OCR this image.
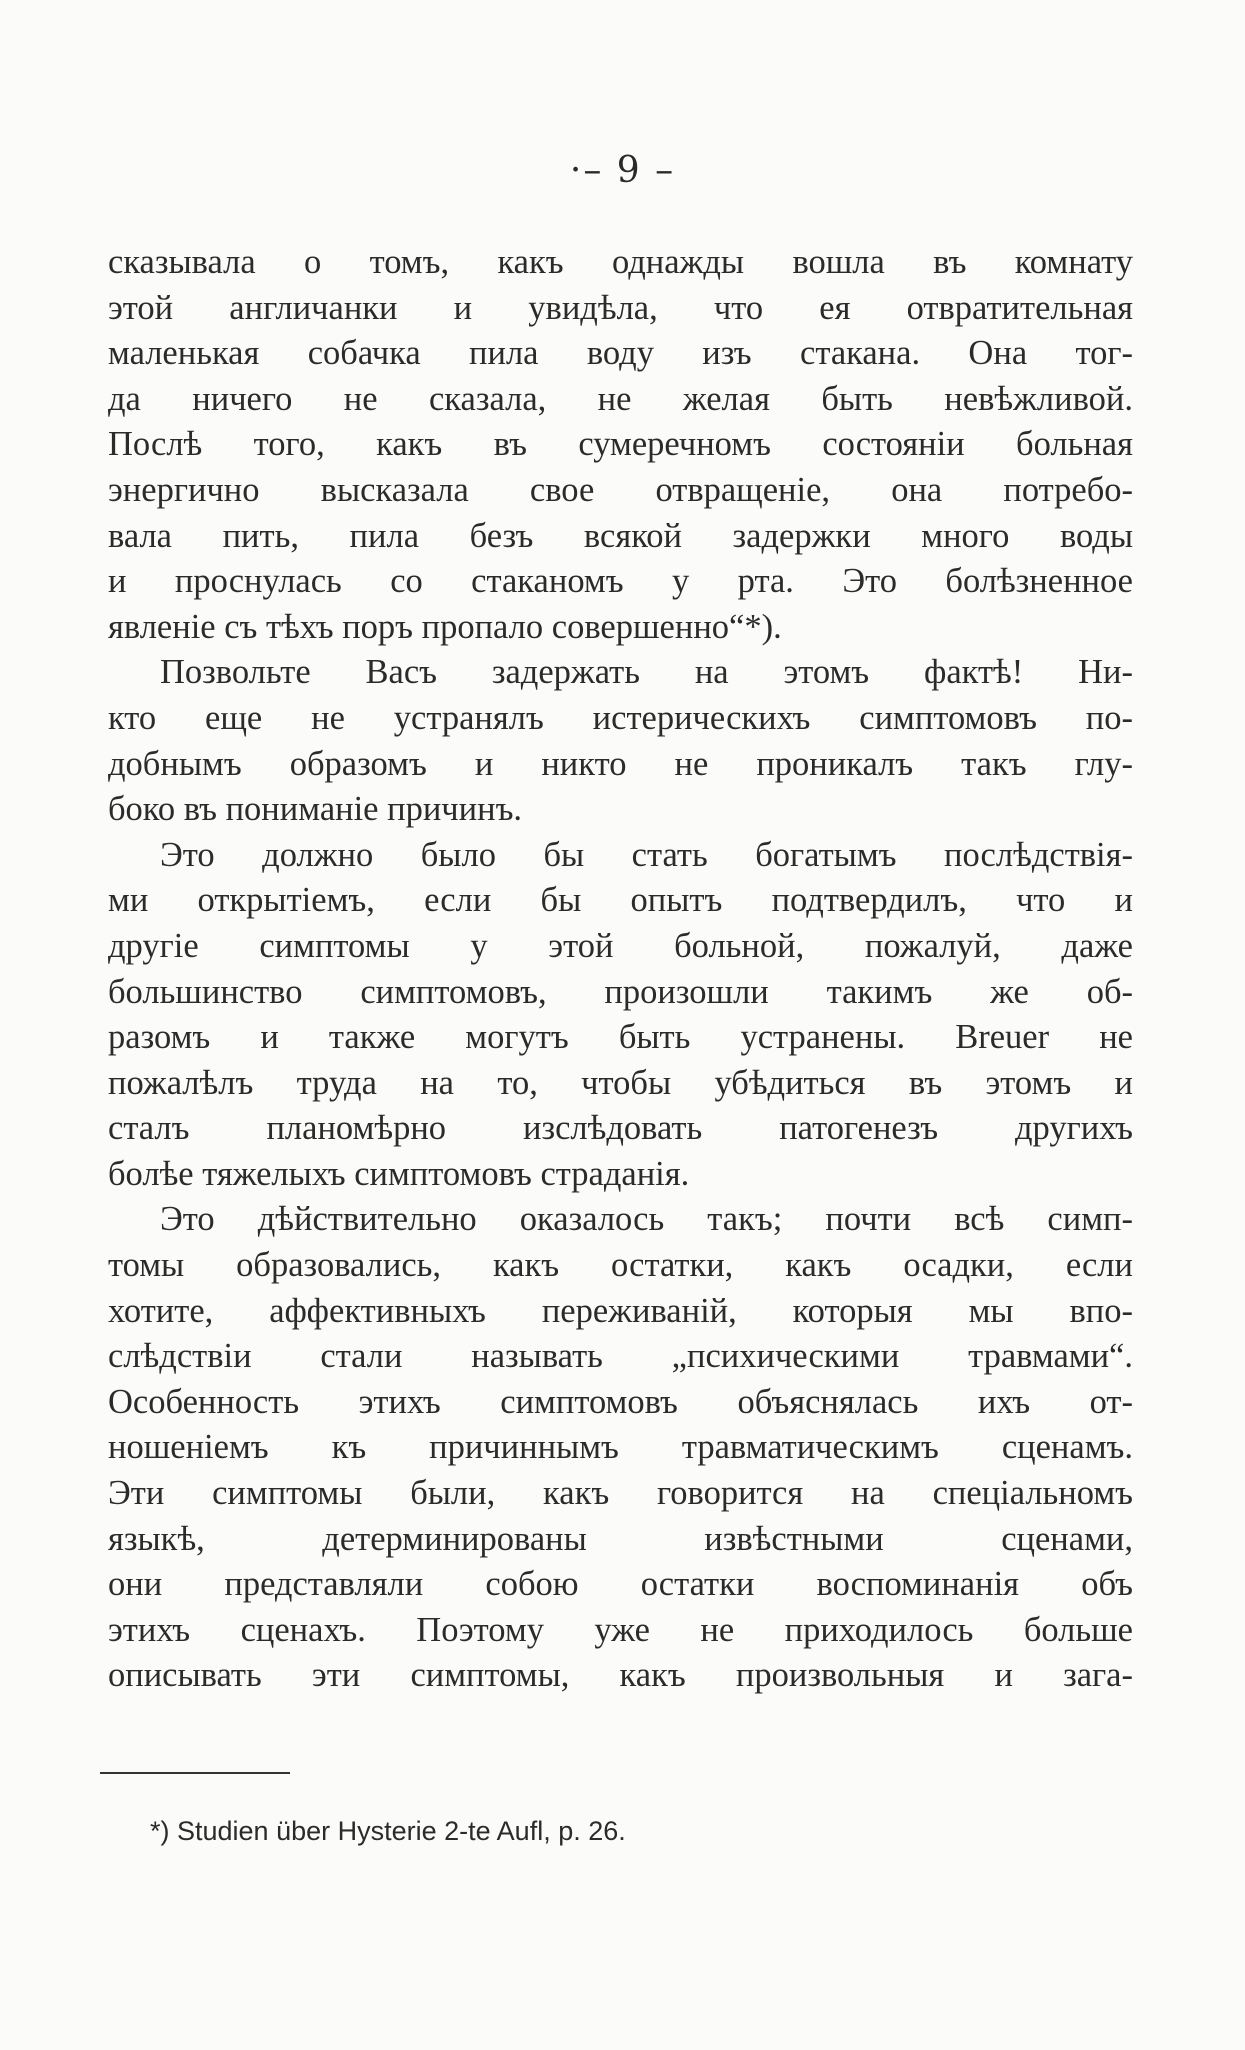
·– 9 –
сказывала о томъ, какъ однажды вошла въ комнату
этой англичанки и увидѣла, что ея отвратительная
маленькая собачка пила воду изъ стакана. Она тог-
да ничего не сказала, не желая быть невѣжливой.
Послѣ того, какъ въ сумеречномъ состояніи больная
энергично высказала свое отвращеніе, она потребо-
вала пить, пила безъ всякой задержки много воды
и проснулась со стаканомъ у рта. Это болѣзненное
явленіе съ тѣхъ поръ пропало совершенно“*).
Позвольте Васъ задержать на этомъ фактѣ! Ни-
кто еще не устранялъ истерическихъ симптомовъ по-
добнымъ образомъ и никто не проникалъ такъ глу-
боко въ пониманіе причинъ.
Это должно было бы стать богатымъ послѣдствія-
ми открытіемъ, если бы опытъ подтвердилъ, что и
другіе симптомы у этой больной, пожалуй, даже
большинство симптомовъ, произошли такимъ же об-
разомъ и также могутъ быть устранены. Breuer не
пожалѣлъ труда на то, чтобы убѣдиться въ этомъ и
сталъ планомѣрно изслѣдовать патогенезъ другихъ
болѣе тяжелыхъ симптомовъ страданія.
Это дѣйствительно оказалось такъ; почти всѣ симп-
томы образовались, какъ остатки, какъ осадки, если
хотите, аффективныхъ переживаній, которыя мы впо-
слѣдствіи стали называть „психическими травмами“.
Особенность этихъ симптомовъ объяснялась ихъ от-
ношеніемъ къ причиннымъ травматическимъ сценамъ.
Эти симптомы были, какъ говорится на спеціальномъ
языкѣ, детерминированы извѣстными сценами,
они представляли собою остатки воспоминанія объ
этихъ сценахъ. Поэтому уже не приходилось больше
описывать эти симптомы, какъ произвольныя и зага-
*) Studien über Hysterie 2-te Aufl, p. 26.
